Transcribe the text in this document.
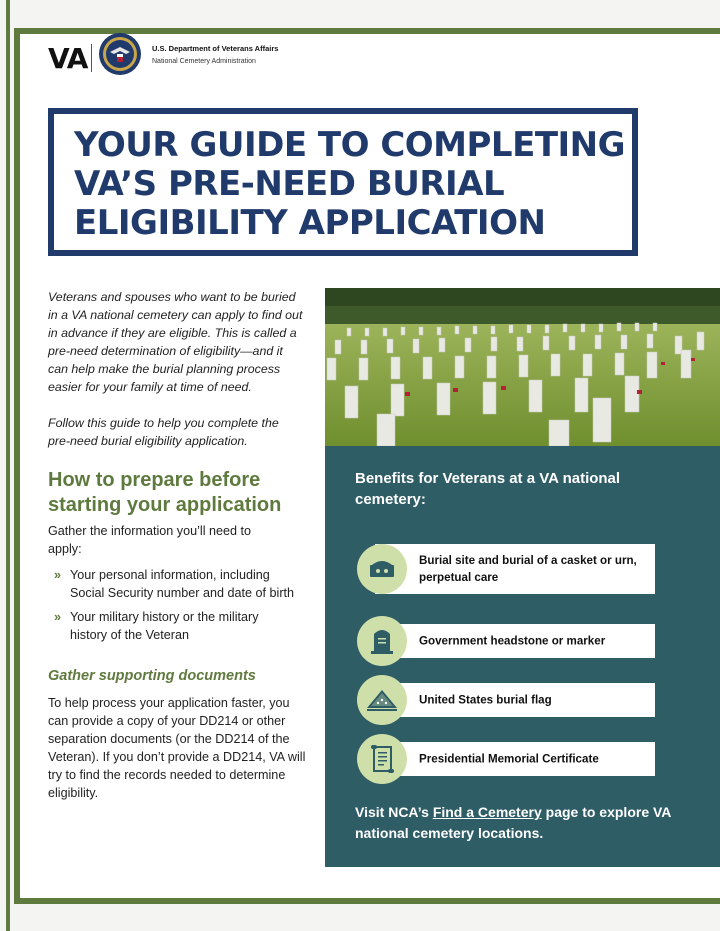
VA	U.S. Department of Veterans Affairs
National Cemetery Administration
YOUR GUIDE TO COMPLETING VA’S PRE-NEED BURIAL ELIGIBILITY APPLICATION

Veterans and spouses who want to be buried in a VA national cemetery can apply to find out in advance if they are eligible. This is called a pre-need determination of eligibility—and it can help make the burial planning process easier for your family at time of need.

Follow this guide to help you complete the pre-need burial eligibility application.

How to prepare before starting your application

Gather the information you’ll need to apply:

» Your personal information, including Social Security number and date of birth
» Your military history or the military history of the Veteran
Gather supporting documents

To help process your application faster, you can provide a copy of your DD214 or other separation documents (or the DD214 of the Veteran). If you don’t provide a DD214, VA will try to find the records needed to determine eligibility.

Benefits for Veterans at a VA national cemetery:
Burial site and burial of a casket or urn, perpetual care
Government headstone or marker
United States burial flag
Presidential Memorial Certificate

Visit NCA’s Find a Cemetery page to explore VA national cemetery locations.
